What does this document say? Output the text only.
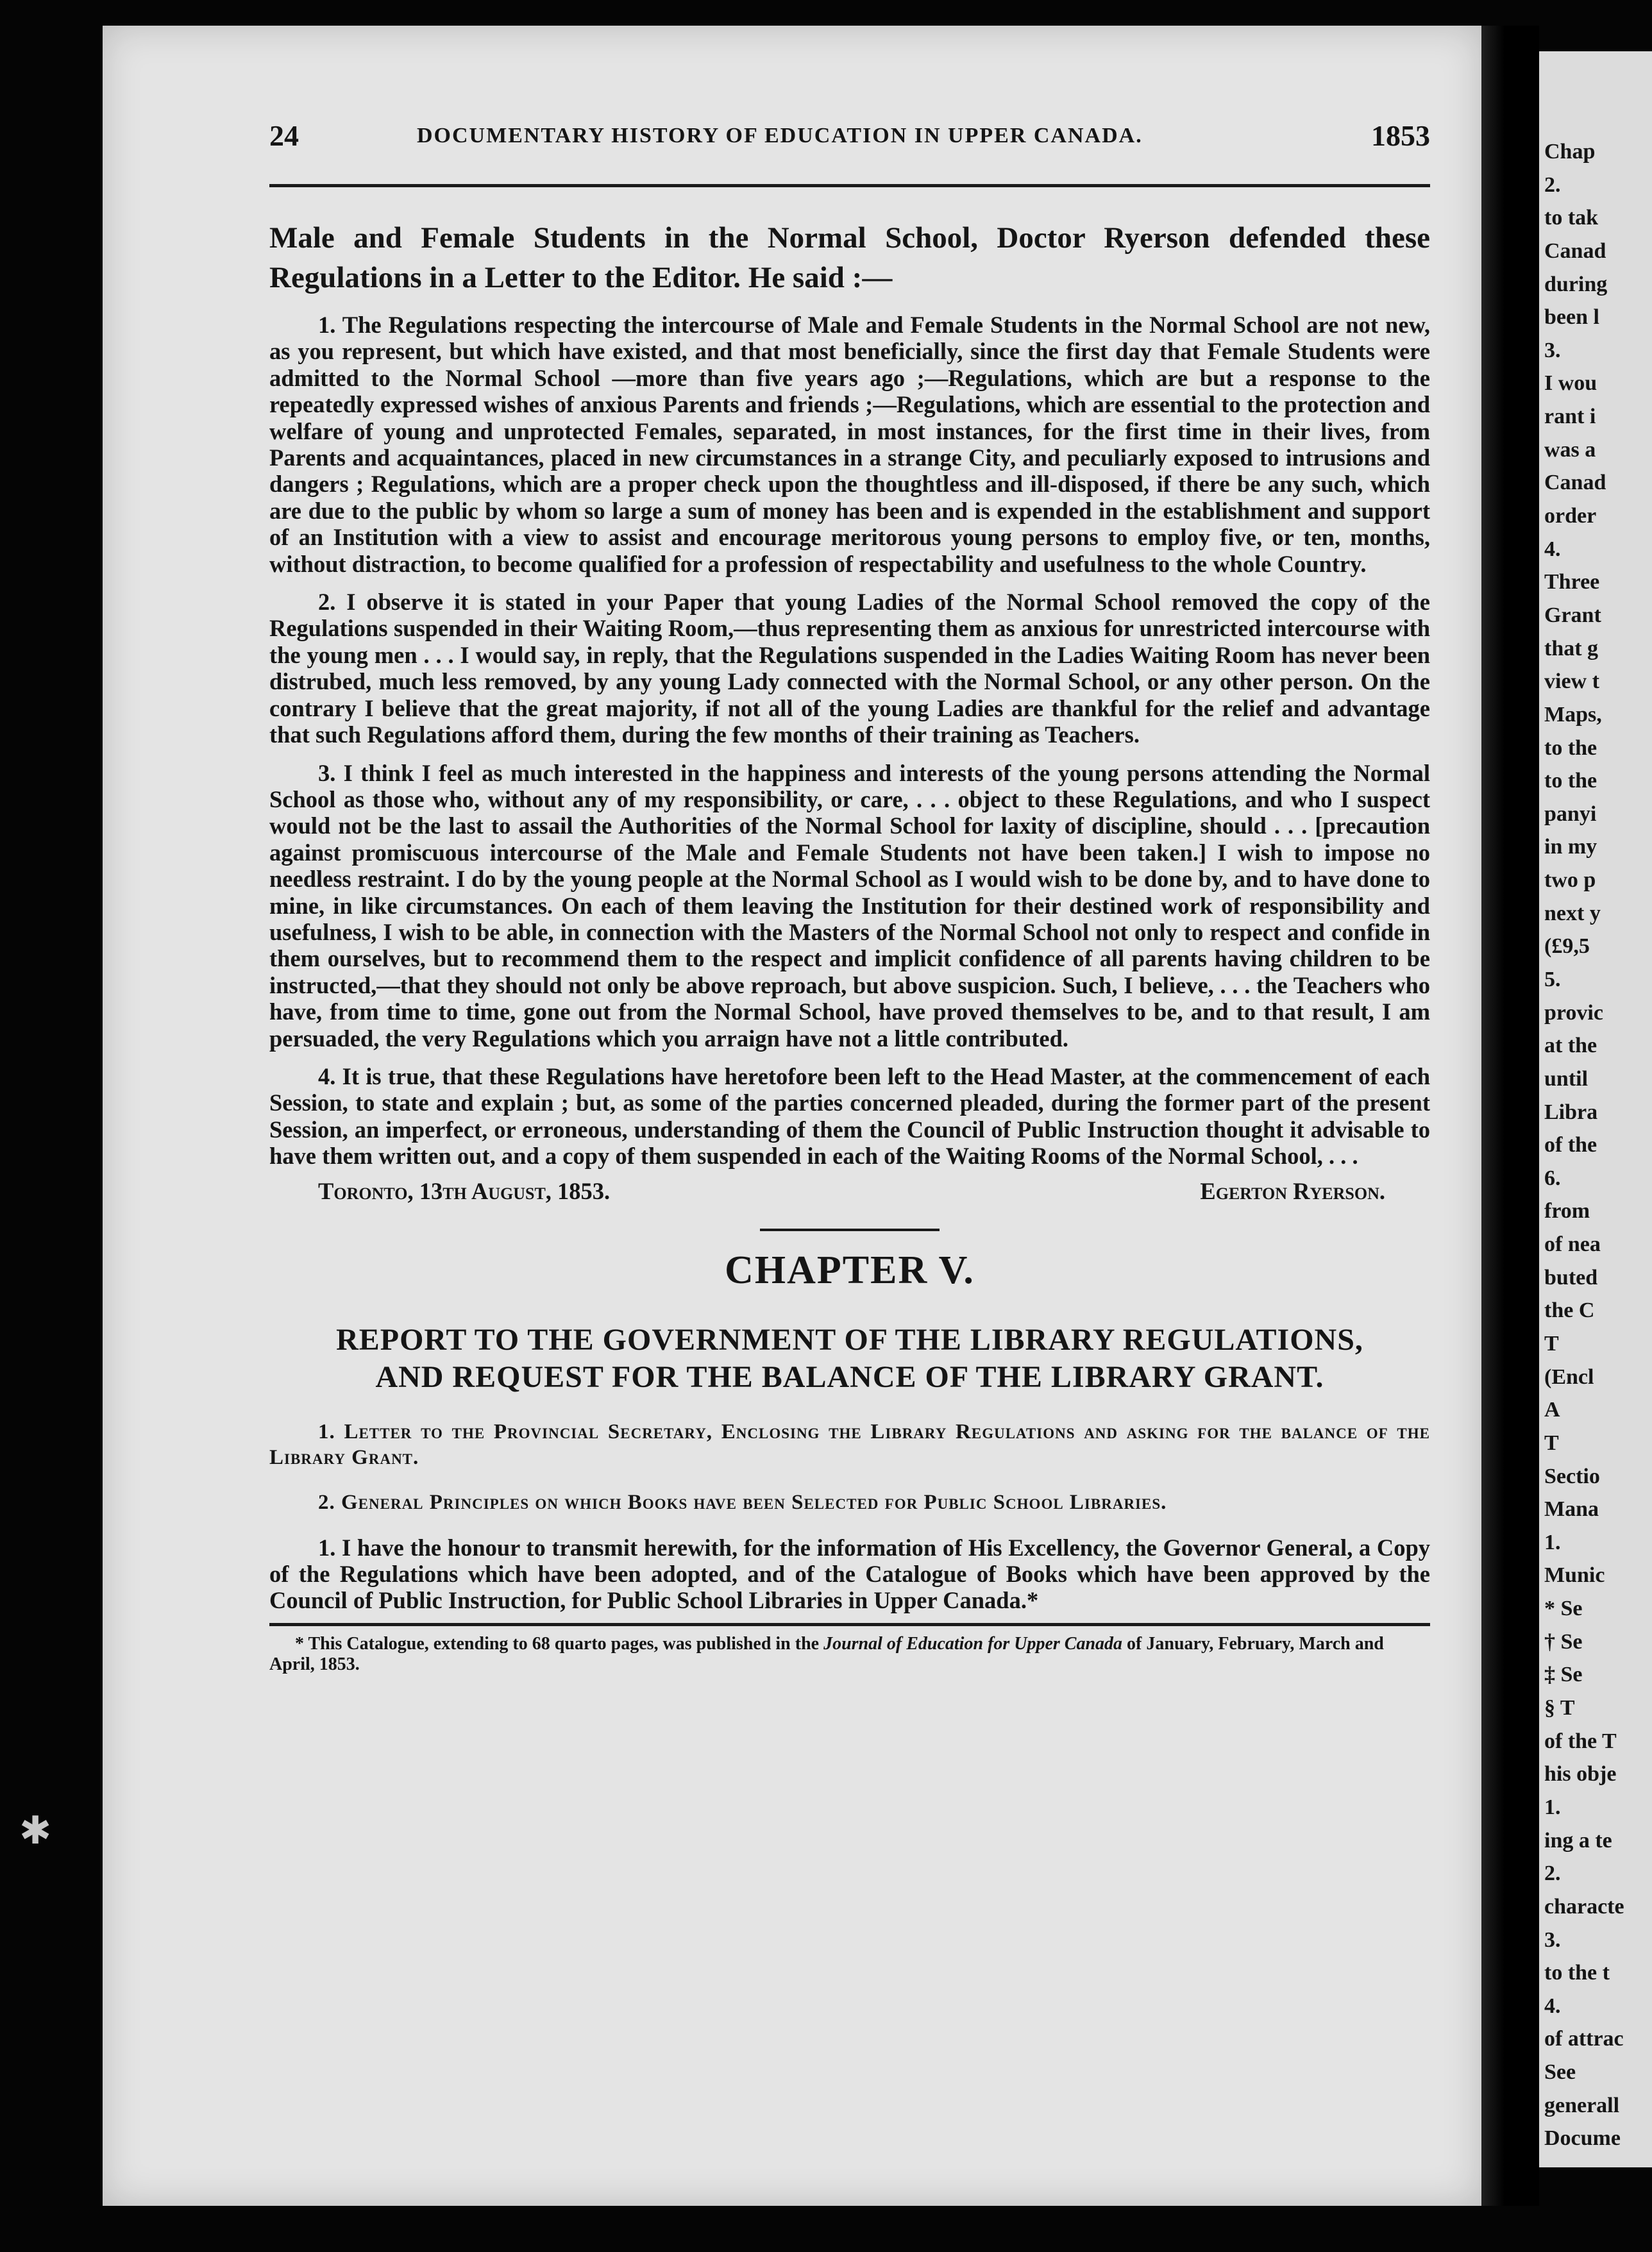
Chap
2.
to tak
Canad
during
been l
3.
I wou
rant i
was a
Canad
order
4.
Three
Grant
that g
view t
Maps,
to the
to the
panyi
in my
two p
next y
(£9,5
5.
provic
at the
until
Libra
of the
6.
from
of nea
buted
the C
T
(Encl
A
T
Sectio
Mana
1.
Munic
* Se
† Se
‡ Se
§ T
of the T
his obje
1.
ing a te
2.
characte
3.
to the t
4.
of attrac
See
generall
Docume
✱
24	DOCUMENTARY HISTORY OF EDUCATION IN UPPER CANADA.	1853
Male and Female Students in the Normal School, Doctor Ryerson defended these Regulations in a Letter to the Editor. He said :—

1. The Regulations respecting the intercourse of Male and Female Students in the Normal School are not new, as you represent, but which have existed, and that most beneficially, since the first day that Female Students were admitted to the Normal School —more than five years ago ;—Regulations, which are but a response to the repeatedly expressed wishes of anxious Parents and friends ;—Regulations, which are essential to the protection and welfare of young and unprotected Females, separated, in most instances, for the first time in their lives, from Parents and acquaintances, placed in new circumstances in a strange City, and peculiarly exposed to intrusions and dangers ; Regulations, which are a proper check upon the thoughtless and ill-disposed, if there be any such, which are due to the public by whom so large a sum of money has been and is expended in the establishment and support of an Institution with a view to assist and encourage meritorous young persons to employ five, or ten, months, without distraction, to become qualified for a profession of respectability and usefulness to the whole Country.

2. I observe it is stated in your Paper that young Ladies of the Normal School removed the copy of the Regulations suspended in their Waiting Room,—thus representing them as anxious for unrestricted intercourse with the young men . . . I would say, in reply, that the Regulations suspended in the Ladies Waiting Room has never been distrubed, much less removed, by any young Lady connected with the Normal School, or any other person. On the contrary I believe that the great majority, if not all of the young Ladies are thankful for the relief and advantage that such Regulations afford them, during the few months of their training as Teachers.

3. I think I feel as much interested in the happiness and interests of the young persons attending the Normal School as those who, without any of my responsibility, or care, . . . object to these Regulations, and who I suspect would not be the last to assail the Authorities of the Normal School for laxity of discipline, should . . . [precaution against promiscuous intercourse of the Male and Female Students not have been taken.] I wish to impose no needless restraint. I do by the young people at the Normal School as I would wish to be done by, and to have done to mine, in like circumstances. On each of them leaving the Institution for their destined work of responsibility and usefulness, I wish to be able, in connection with the Masters of the Normal School not only to respect and confide in them ourselves, but to recommend them to the respect and implicit confidence of all parents having children to be instructed,—that they should not only be above reproach, but above suspicion. Such, I believe, . . . the Teachers who have, from time to time, gone out from the Normal School, have proved themselves to be, and to that result, I am persuaded, the very Regulations which you arraign have not a little contributed.

4. It is true, that these Regulations have heretofore been left to the Head Master, at the commencement of each Session, to state and explain ; but, as some of the parties concerned pleaded, during the former part of the present Session, an imperfect, or erroneous, understanding of them the Council of Public Instruction thought it advisable to have them written out, and a copy of them suspended in each of the Waiting Rooms of the Normal School, . . .

Toronto, 13th August, 1853.	Egerton Ryerson.
CHAPTER V.
REPORT TO THE GOVERNMENT OF THE LIBRARY REGULATIONS,
AND REQUEST FOR THE BALANCE OF THE LIBRARY GRANT.
1. Letter to the Provincial Secretary, Enclosing the Library Regulations and asking for the balance of the Library Grant.
2. General Principles on which Books have been Selected for Public School Libraries.

1. I have the honour to transmit herewith, for the information of His Excellency, the Governor General, a Copy of the Regulations which have been adopted, and of the Catalogue of Books which have been approved by the Council of Public Instruction, for Public School Libraries in Upper Canada.*

* This Catalogue, extending to 68 quarto pages, was published in the Journal of Education for Upper Canada of January, February, March and April, 1853.
